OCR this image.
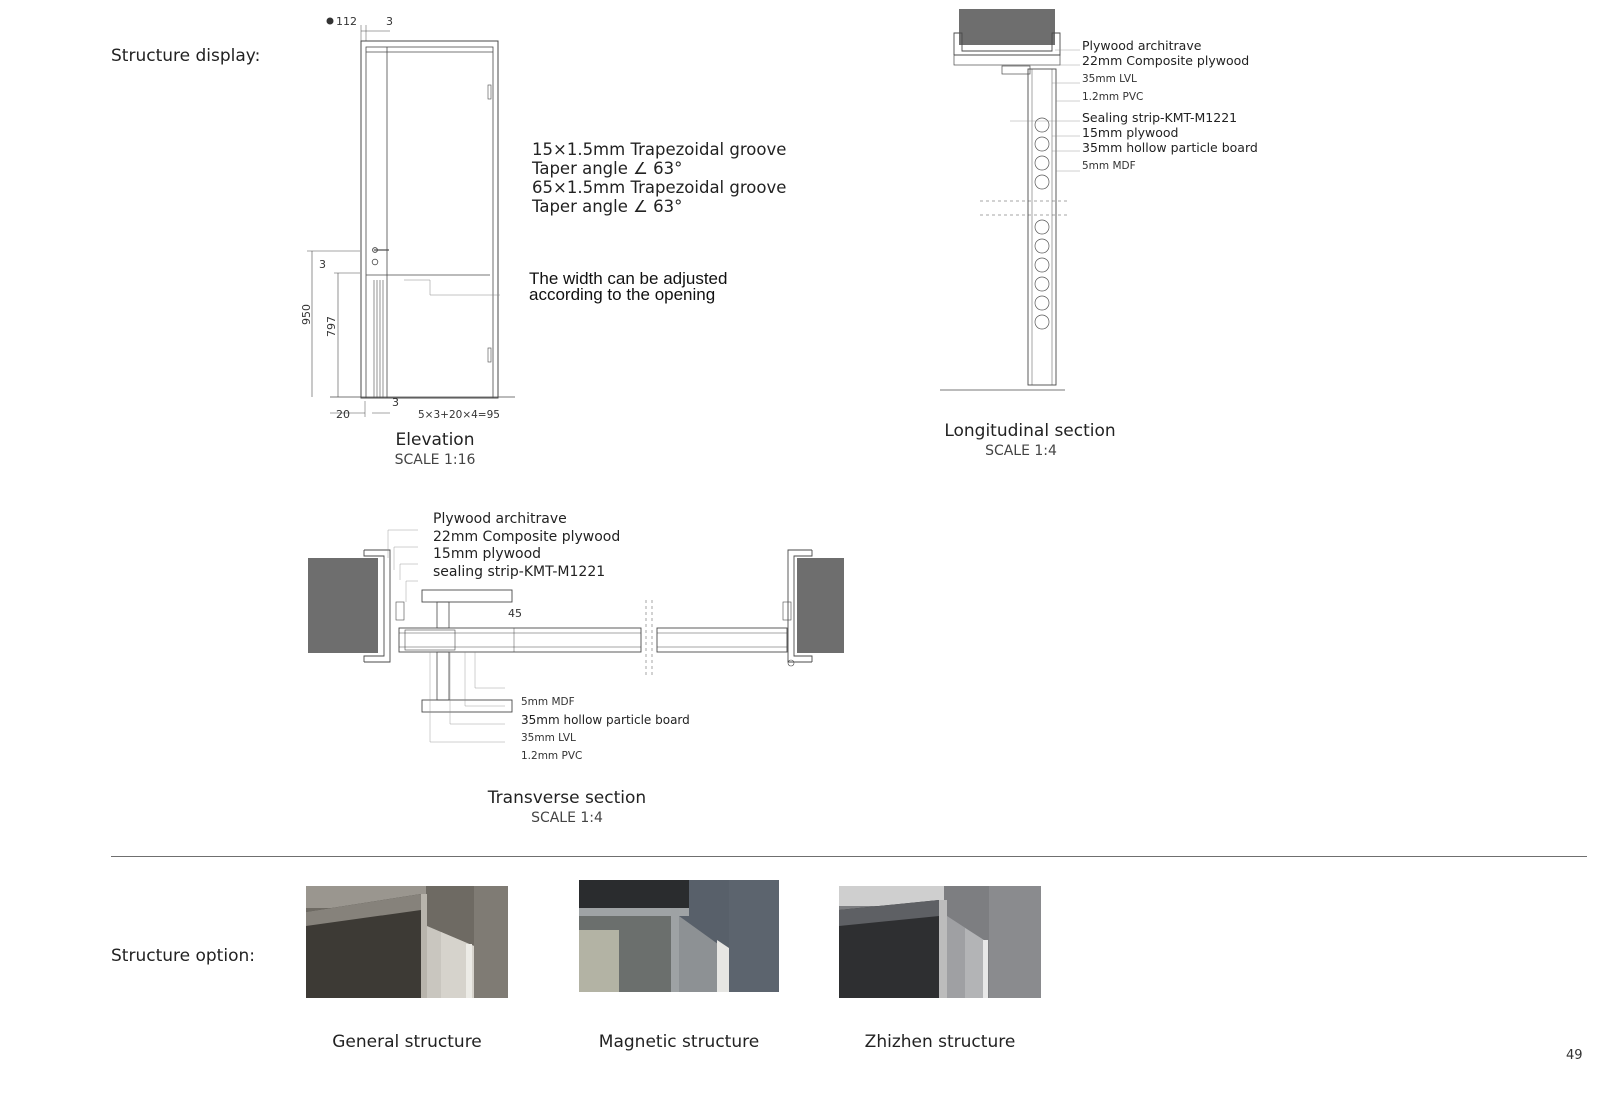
Structure display:
Structure option:
112	3
3
950
797
20
3
5×3+20×4=95
15×1.5mm Trapezoidal groove
Taper angle ∠ 63°
65×1.5mm Trapezoidal groove
Taper angle ∠ 63°
The width can be adjusted
according to the opening
Elevation
SCALE 1:16
Plywood architrave
22mm Composite plywood
35mm LVL
1.2mm PVC
Sealing strip-KMT-M1221
15mm plywood
35mm hollow particle board
5mm MDF
Longitudinal section
SCALE 1:4
45
Plywood architrave
22mm Composite plywood
15mm plywood
sealing strip-KMT-M1221
5mm MDF
35mm hollow particle board
35mm LVL
1.2mm PVC
Transverse section
SCALE 1:4
General structure	Magnetic structure	Zhizhen structure
49
